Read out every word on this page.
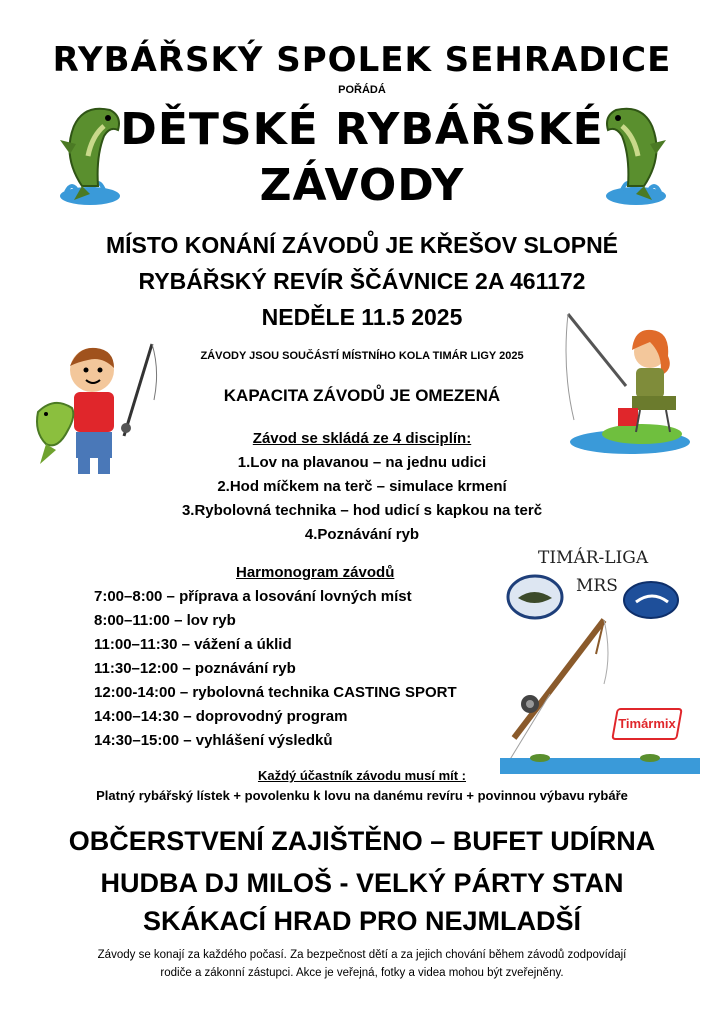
RYBÁŘSKÝ SPOLEK SEHRADICE
POŘÁDÁ
DĚTSKÉ RYBÁŘSKÉ
ZÁVODY
MÍSTO KONÁNÍ ZÁVODŮ JE KŘEŠOV SLOPNÉ
RYBÁŘSKÝ REVÍR ŠČÁVNICE 2A 461172
NEDĚLE 11.5 2025
ZÁVODY JSOU SOUČÁSTÍ MÍSTNÍHO KOLA TIMÁR LIGY 2025
KAPACITA ZÁVODŮ JE OMEZENÁ
Závod se skládá ze 4 disciplín:
1.Lov na plavanou – na jednu udici
2.Hod míčkem na terč – simulace krmení
3.Rybolovná technika – hod udicí s kapkou na terč
4.Poznávání ryb
Harmonogram závodů
7:00–8:00 – příprava a losování lovných míst
8:00–11:00 – lov ryb
11:00–11:30 – vážení a úklid
11:30–12:00 – poznávání ryb
12:00-14:00 – rybolovná technika CASTING SPORT
14:00–14:30 – doprovodný program
14:30–15:00 – vyhlášení výsledků
TIMÁR-LIGA
MRS
Timármix
Každý účastník závodu musí mít :
Platný rybářský lístek + povolenku k lovu na danému revíru + povinnou výbavu rybáře
OBČERSTVENÍ ZAJIŠTĚNO – BUFET UDÍRNA
HUDBA DJ MILOŠ - VELKÝ PÁRTY STAN
SKÁKACÍ HRAD PRO NEJMLADŠÍ
Závody se konají za každého počasí. Za bezpečnost dětí a za jejich chování během závodů zodpovídají
rodiče a zákonní zástupci. Akce je veřejná, fotky a videa mohou být zveřejněny.
